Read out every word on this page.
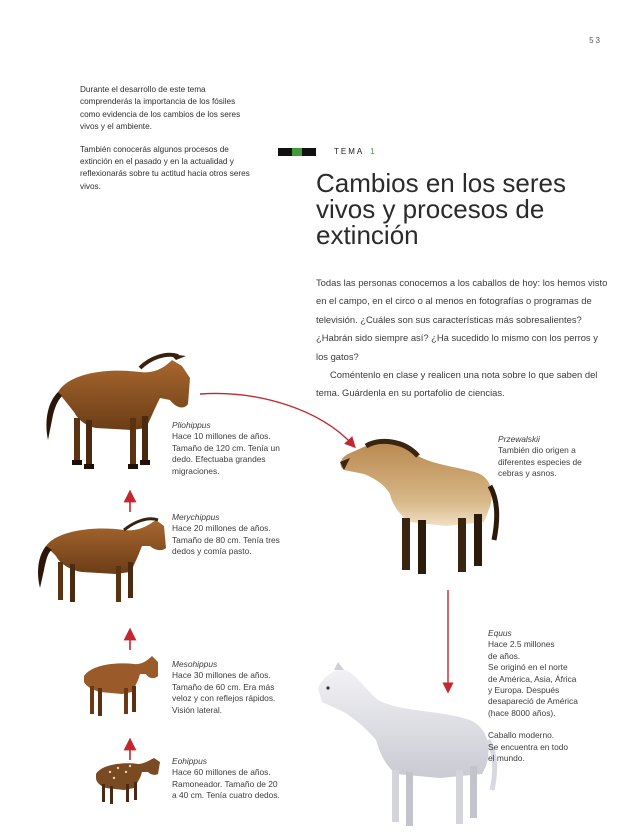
53

Durante el desarrollo de este tema comprenderás la importancia de los fósiles como evidencia de los cambios de los seres vivos y el ambiente.

También conocerás algunos procesos de extinción en el pasado y en la actualidad y reflexionarás sobre tu actitud hacia otros seres vivos.

TEMA 1
Cambios en los seres vivos y procesos de extinción

Todas las personas conocemos a los caballos de hoy: los hemos visto en el campo, en el circo o al menos en fotografías o programas de televisión. ¿Cuáles son sus características más sobresalientes? ¿Habrán sido siempre así? ¿Ha sucedido lo mismo con los perros y los gatos?

Coméntenlo en clase y realicen una nota sobre lo que saben del tema. Guárdenla en su portafolio de ciencias.

Pliohippus
Hace 10 millones de años.
Tamaño de 120 cm. Tenía un
dedo. Efectuaba grandes
migraciones.
Merychippus
Hace 20 millones de años.
Tamaño de 80 cm. Tenía tres
dedos y comía pasto.
Mesohippus
Hace 30 millones de años.
Tamaño de 60 cm. Era más
veloz y con reflejos rápidos.
Visión lateral.
Eohippus
Hace 60 millones de años.
Ramoneador. Tamaño de 20
a 40 cm. Tenía cuatro dedos.
Przewalskii
También dio origen a
diferentes especies de
cebras y asnos.
Equus
Hace 2.5 millones
de años.
Se originó en el norte
de América, Asia, África
y Europa. Después
desapareció de América
(hace 8000 años).
Caballo moderno.
Se encuentra en todo
el mundo.
